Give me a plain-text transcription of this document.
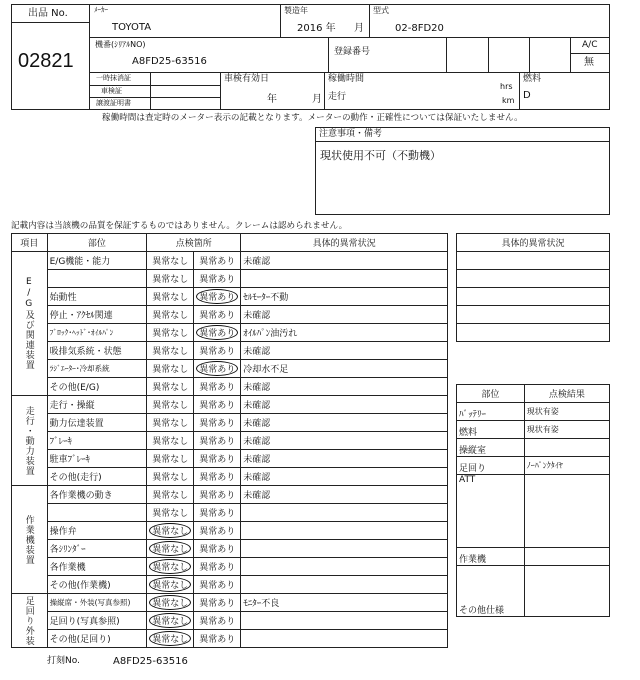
出品 No.
02821
ﾒｰｶｰ
TOYOTA
製造年
2016 年 月
型式
02-8FD20
機番(ｼﾘｱﾙNO)
A8FD25-63516
登録番号
A/C
無
一時抹消証
車検証
譲渡証明書
車検有効日
年	月
稼働時間
hrs
走行	km
燃料
D
稼働時間は査定時のメーター表示の記載となります。メーターの動作・正確性については保証いたしません。
注意事項・備考
現状使用不可（不動機）
記載内容は当該機の品質を保証するものではありません。クレームは認められません。
項目	部位	点検箇所		具体的異常状況

E/G及び関連装置	E/G機能・能力	異常なし	異常あり	未確認
		異常なし	異常あり	
	始動性	異常なし	異常あり	ｾﾙﾓｰﾀｰ不動
	停止・ｱｸｾﾙ関連	異常なし	異常あり	未確認
	ﾌﾞﾛｯｸ･ﾍｯﾄﾞ･ｵｲﾙﾊﾟﾝ	異常なし	異常あり	ｵｲﾙﾊﾟﾝ油汚れ
	吸排気系統・状態	異常なし	異常あり	未確認
	ﾗｼﾞｴｰﾀｰ･冷却系統	異常なし	異常あり	冷却水不足
	その他(E/G)	異常なし	異常あり	未確認

走行・動力装置	走行・操縦	異常なし	異常あり	未確認
	動力伝達装置	異常なし	異常あり	未確認
	ﾌﾞﾚｰｷ	異常なし	異常あり	未確認
	駐車ﾌﾞﾚｰｷ	異常なし	異常あり	未確認
	その他(走行)	異常なし	異常あり	未確認

作業機装置	各作業機の動き	異常なし	異常あり	未確認
		異常なし	異常あり	
	操作弁	異常なし	異常あり	
	各ｼﾘﾝﾀﾞｰ	異常なし	異常あり	
	各作業機	異常なし	異常あり	
	その他(作業機)	異常なし	異常あり	

足回り外装	操縦席・外装(写真参照)	異常なし	異常あり	ﾓﾆﾀｰ不良
	足回り(写真参照)	異常なし	異常あり	
	その他(足回り)	異常なし	異常あり	
具体的異常状況

部位	点検結果
ﾊﾞｯﾃﾘｰ	現状有姿
燃料	現状有姿
操縦室	
足回り	ﾉｰﾊﾟﾝｸﾀｲﾔ
ATT	
作業機	
その他仕様	
打刻No.	A8FD25-63516
